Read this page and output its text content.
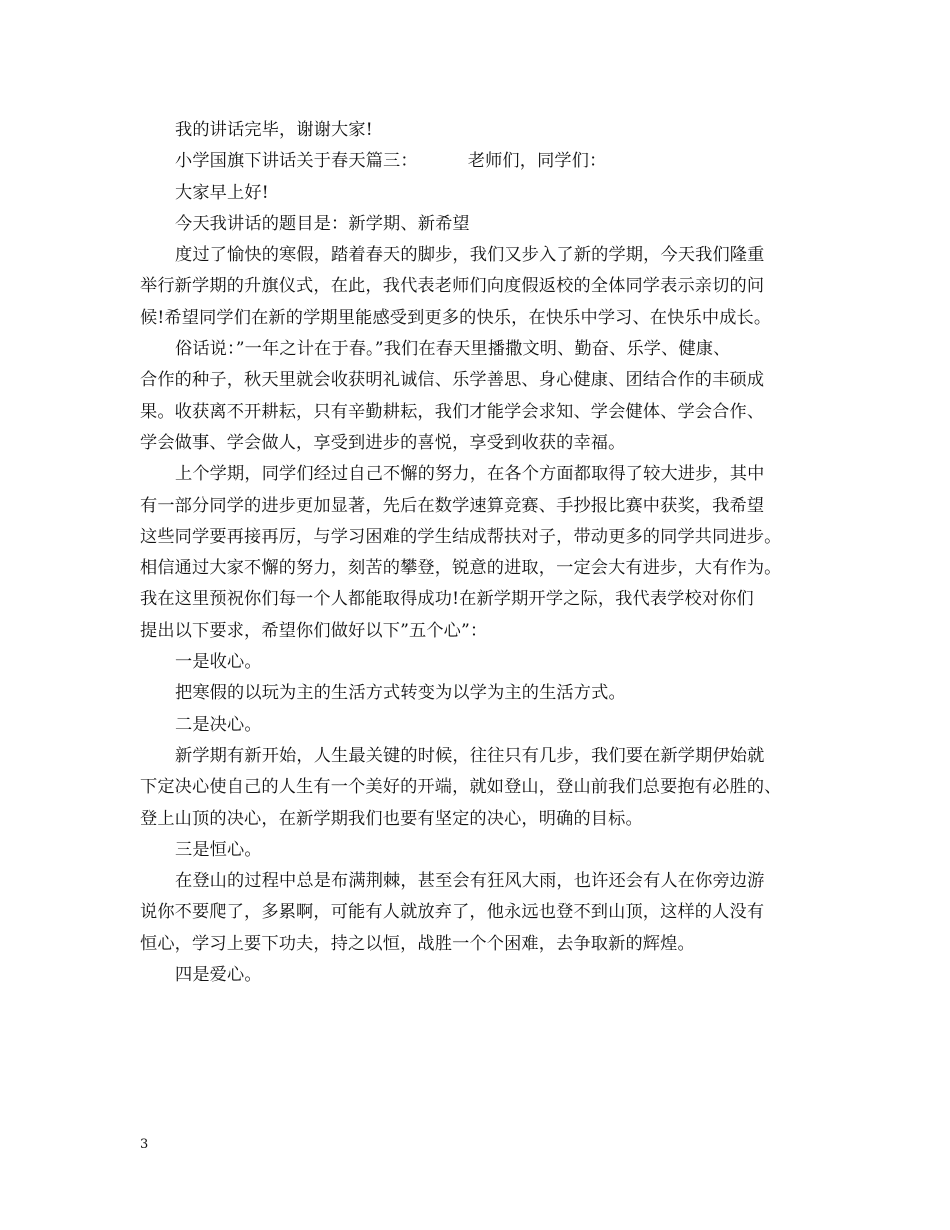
我的讲话完毕，谢谢大家!
小学国旗下讲话关于春天篇三：	老师们，同学们：
大家早上好!
今天我讲话的题目是：新学期、新希望
度过了愉快的寒假，踏着春天的脚步，我们又步入了新的学期，今天我们隆重
举行新学期的升旗仪式，在此，我代表老师们向度假返校的全体同学表示亲切的问
候!希望同学们在新的学期里能感受到更多的快乐，在快乐中学习、在快乐中成长。
俗话说：”一年之计在于春。”我们在春天里播撒文明、勤奋、乐学、健康、
合作的种子，秋天里就会收获明礼诚信、乐学善思、身心健康、团结合作的丰硕成
果。收获离不开耕耘，只有辛勤耕耘，我们才能学会求知、学会健体、学会合作、
学会做事、学会做人，享受到进步的喜悦，享受到收获的幸福。
上个学期，同学们经过自己不懈的努力，在各个方面都取得了较大进步，其中
有一部分同学的进步更加显著，先后在数学速算竞赛、手抄报比赛中获奖，我希望
这些同学要再接再厉，与学习困难的学生结成帮扶对子，带动更多的同学共同进步。
相信通过大家不懈的努力，刻苦的攀登，锐意的进取，一定会大有进步，大有作为。
我在这里预祝你们每一个人都能取得成功!在新学期开学之际，我代表学校对你们
提出以下要求，希望你们做好以下”五个心”：
一是收心。
把寒假的以玩为主的生活方式转变为以学为主的生活方式。
二是决心。
新学期有新开始，人生最关键的时候，往往只有几步，我们要在新学期伊始就
下定决心使自己的人生有一个美好的开端，就如登山，登山前我们总要抱有必胜的、
登上山顶的决心，在新学期我们也要有坚定的决心，明确的目标。
三是恒心。
在登山的过程中总是布满荆棘，甚至会有狂风大雨，也许还会有人在你旁边游
说你不要爬了，多累啊，可能有人就放弃了，他永远也登不到山顶，这样的人没有
恒心，学习上要下功夫，持之以恒，战胜一个个困难，去争取新的辉煌。
四是爱心。
3
